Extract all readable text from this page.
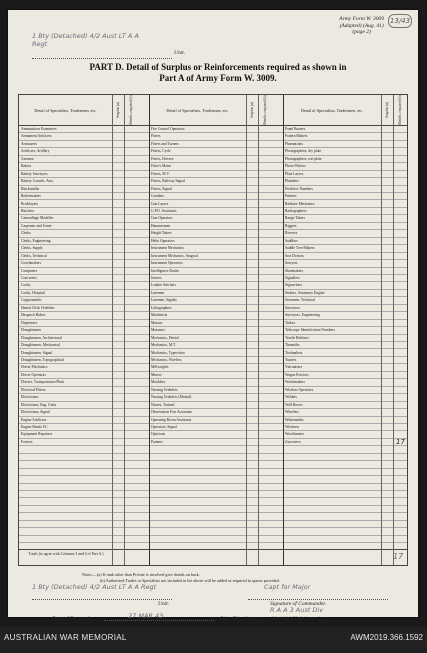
Army Form W. 3009
(Adapted) (Aug. 41)
(page 2)
13/43
1 Bty (Detached) 4/2 Aust LT A A Regt
Unit.
PART D. Detail of Surplus or Reinforcements required as shown in
Part A of Army Form W. 3009.
Ammunition Examiners	Fire Control Operators	Panel Beaters
Armament Artificers	Fitters	Pattern Makers
Armourers	Fitters and Turners	Pharmacists
Artificers, Artillery	Fitters, Cycle	Photographers, dry plate
Axemen	Fitters, Drivers	Photographers, wet plate
Bakers	Fitter's Mates	Photo-Writers
Battery Surveyors	Fitters, M.V.	Plate Layers
Battery Comdrs. Asst.	Fitters, Railway Signal	Plumbers
Blacksmiths	Fitters, Signal	Predictor Numbers
Boilermakers	Grinders	Printers
Bricklayers	Gun Layers	Radiator Mechanics
Butchers	G.P.O. Assistants	Radiographers
Camouflage Modeller	Gun Operators	Range Takers
Carpenter and Joiner	Hammermen	Riggers
Clerks	Height Takers	Riveters
Clerks, Engineering	Helio Operators	Saddlers
Clerks, Supply	Instrument Mechanics	Saddle Tree Makers
Clerks, Technical	Instrument Mechanics, Surgical	Saw Doctors
Coachmakers	Instrument Operators	Sawyers
Computers	Intelligence Duties	Shoemakers
Concreters	Joiners	Signallers
Cooks	Leather Stitchers	Signwriters
Cooks, Hospital	Linemen	Stokers, Stationary Engine
Coppersmiths	Linemen, Signals	Storemen, Technical
Dental Clerk Orderlies	Lithographers	Surveyors
Despatch Riders	Machinists	Surveyors, Engineering
Dispensers	Masons	Tailors
Draughtsmen	Masseurs	Telescope Identification Numbers
Draughtsmen, Architectural	Mechanics, Dental	Textile Refitters
Draughtsmen, Mechanical	Mechanics, M.T.	Tinsmiths
Draughtsmen, Signal	Mechanics, Typewriter	Toolmakers
Draughtsmen, Topographical	Mechanics, Wireless	Turners
Driver Mechanics	Millwrights	Vulcanisers
Driver Operators	Miners	Wagon Erectors
Drivers, Transportation Plant	Moulders	Watchmakers
Electrical Fitters	Nursing Orderlies	Wireless Operators
Electricians	Nursing Orderlies (Mental)	Welders
Electricians, Eng. Units	Nurses, Trained	Wall Borers
Electricians, Signal	Observation Post Assistants	Wheelers
Engine Artificers	Operating Room Assistants	Whitesmiths
Engine Hands I/C	Operators, Signal	Wiremen
Equipment Repairers	Opticians	Woodturners
Farriers	Painters	Gunners	17
Totals (to agree with Columns 3 and 4 of Part A.)	17
Detail of Specialists, Tradesmen, etc.	Surplus (a) Reinfts. required (b)	Detail of Specialists, Tradesmen, etc.	Surplus (a) Reinfts. required (b)	Detail of Specialists, Tradesmen, etc.	Surplus (a)	Reinfts. required (b)
Notes.—(a) If rank other than Private is involved give details on back.
(b) Authorised Trades or Specialists not included in list above will be added as required in spaces provided.
1 Bty (Detached) 4/2 Aust LT A A Regt
Unit.
Capt for Major
Signature of Commander.
Date of Despatch.	27 MAR 43
R A A 3 Aust Div
Bde., Div., Area, etc., with which Unit is serving.
AUSTRALIAN WAR MEMORIAL	AWM2019.366.1592
